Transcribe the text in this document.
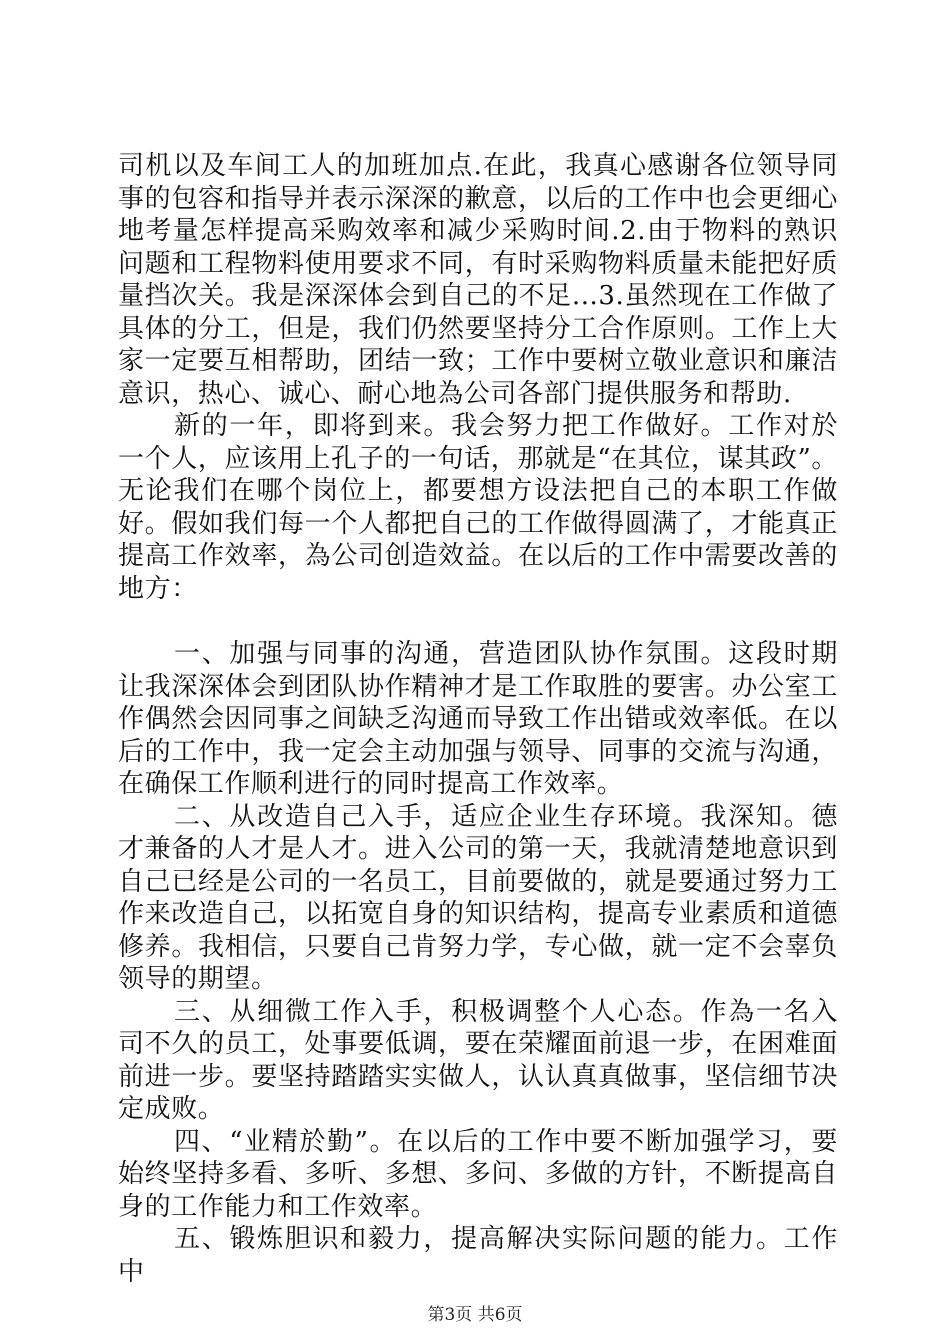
司机以及车间工人的加班加点.在此，我真心感谢各位领导同事的包容和指导并表示深深的歉意，以后的工作中也会更细心地考量怎样提高采购效率和减少采购时间.2.由于物料的熟识问题和工程物料使用要求不同，有时采购物料质量未能把好质量挡次关。我是深深体会到自己的不足...3.虽然现在工作做了具体的分工，但是，我们仍然要坚持分工合作原则。工作上大家一定要互相帮助，团结一致；工作中要树立敬业意识和廉洁意识，热心、诚心、耐心地為公司各部门提供服务和帮助.

新的一年，即将到来。我会努力把工作做好。工作对於一个人，应该用上孔子的一句话，那就是“在其位，谋其政”。无论我们在哪个岗位上，都要想方设法把自己的本职工作做好。假如我们每一个人都把自己的工作做得圆满了，才能真正提高工作效率，為公司创造效益。在以后的工作中需要改善的地方：

一、加强与同事的沟通，营造团队协作氛围。这段时期让我深深体会到团队协作精神才是工作取胜的要害。办公室工作偶然会因同事之间缺乏沟通而导致工作出错或效率低。在以后的工作中，我一定会主动加强与领导、同事的交流与沟通，在确保工作顺利进行的同时提高工作效率。

二、从改造自己入手，适应企业生存环境。我深知。德才兼备的人才是人才。进入公司的第一天，我就清楚地意识到自己已经是公司的一名员工，目前要做的，就是要通过努力工作来改造自己，以拓宽自身的知识结构，提高专业素质和道德修养。我相信，只要自己肯努力学，专心做，就一定不会辜负领导的期望。

三、从细微工作入手，积极调整个人心态。作為一名入司不久的员工，处事要低调，要在荣耀面前退一步，在困难面前进一步。要坚持踏踏实实做人，认认真真做事，坚信细节决定成败。

四、“业精於勤”。在以后的工作中要不断加强学习，要始终坚持多看、多听、多想、多问、多做的方针，不断提高自身的工作能力和工作效率。

五、锻炼胆识和毅力，提高解决实际问题的能力。工作中

第3页 共6页
